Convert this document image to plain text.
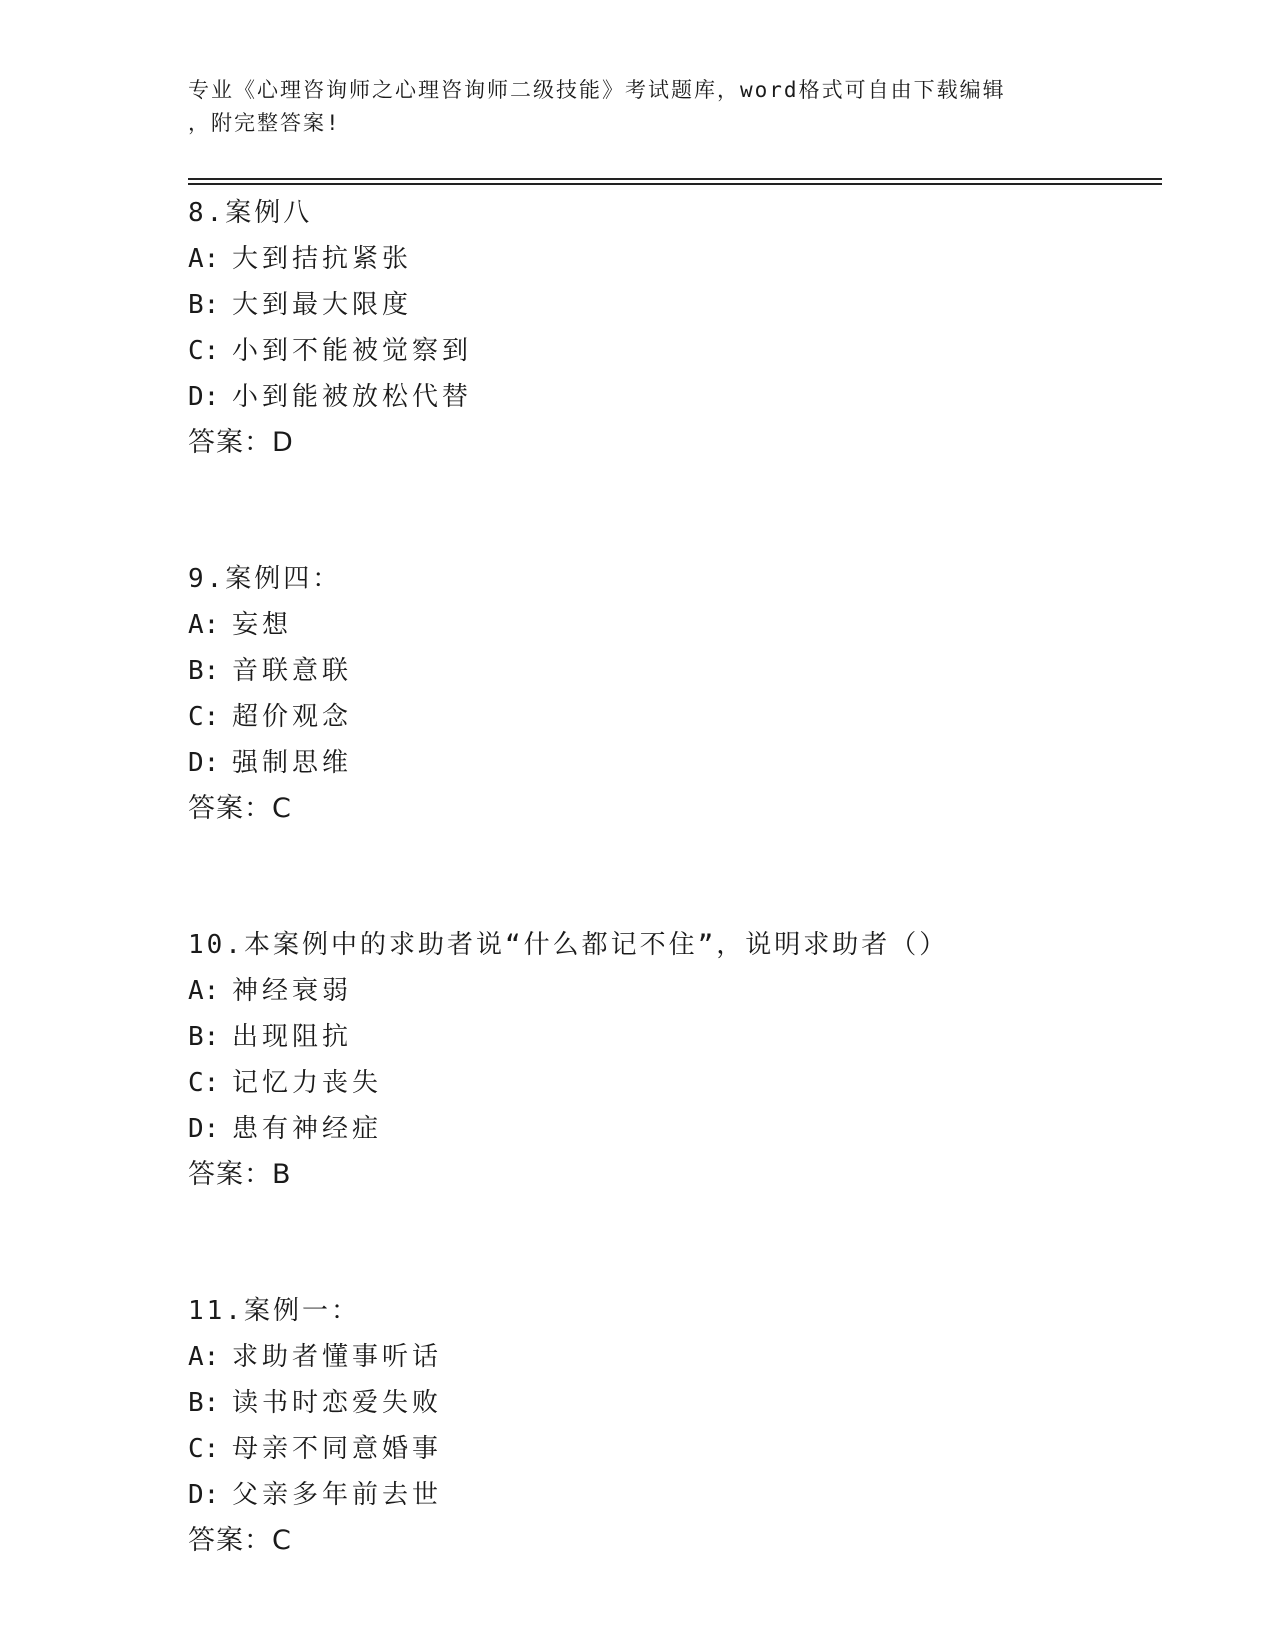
专业《心理咨询师之心理咨询师二级技能》考试题库，word格式可自由下载编辑
，附完整答案!
8.案例八
A: 大到拮抗紧张
B: 大到最大限度
C: 小到不能被觉察到
D: 小到能被放松代替
答案：D
9.案例四：
A: 妄想
B: 音联意联
C: 超价观念
D: 强制思维
答案：C
10.本案例中的求助者说“什么都记不住”，说明求助者（）
A: 神经衰弱
B: 出现阻抗
C: 记忆力丧失
D: 患有神经症
答案：B
11.案例一：
A: 求助者懂事听话
B: 读书时恋爱失败
C: 母亲不同意婚事
D: 父亲多年前去世
答案：C
